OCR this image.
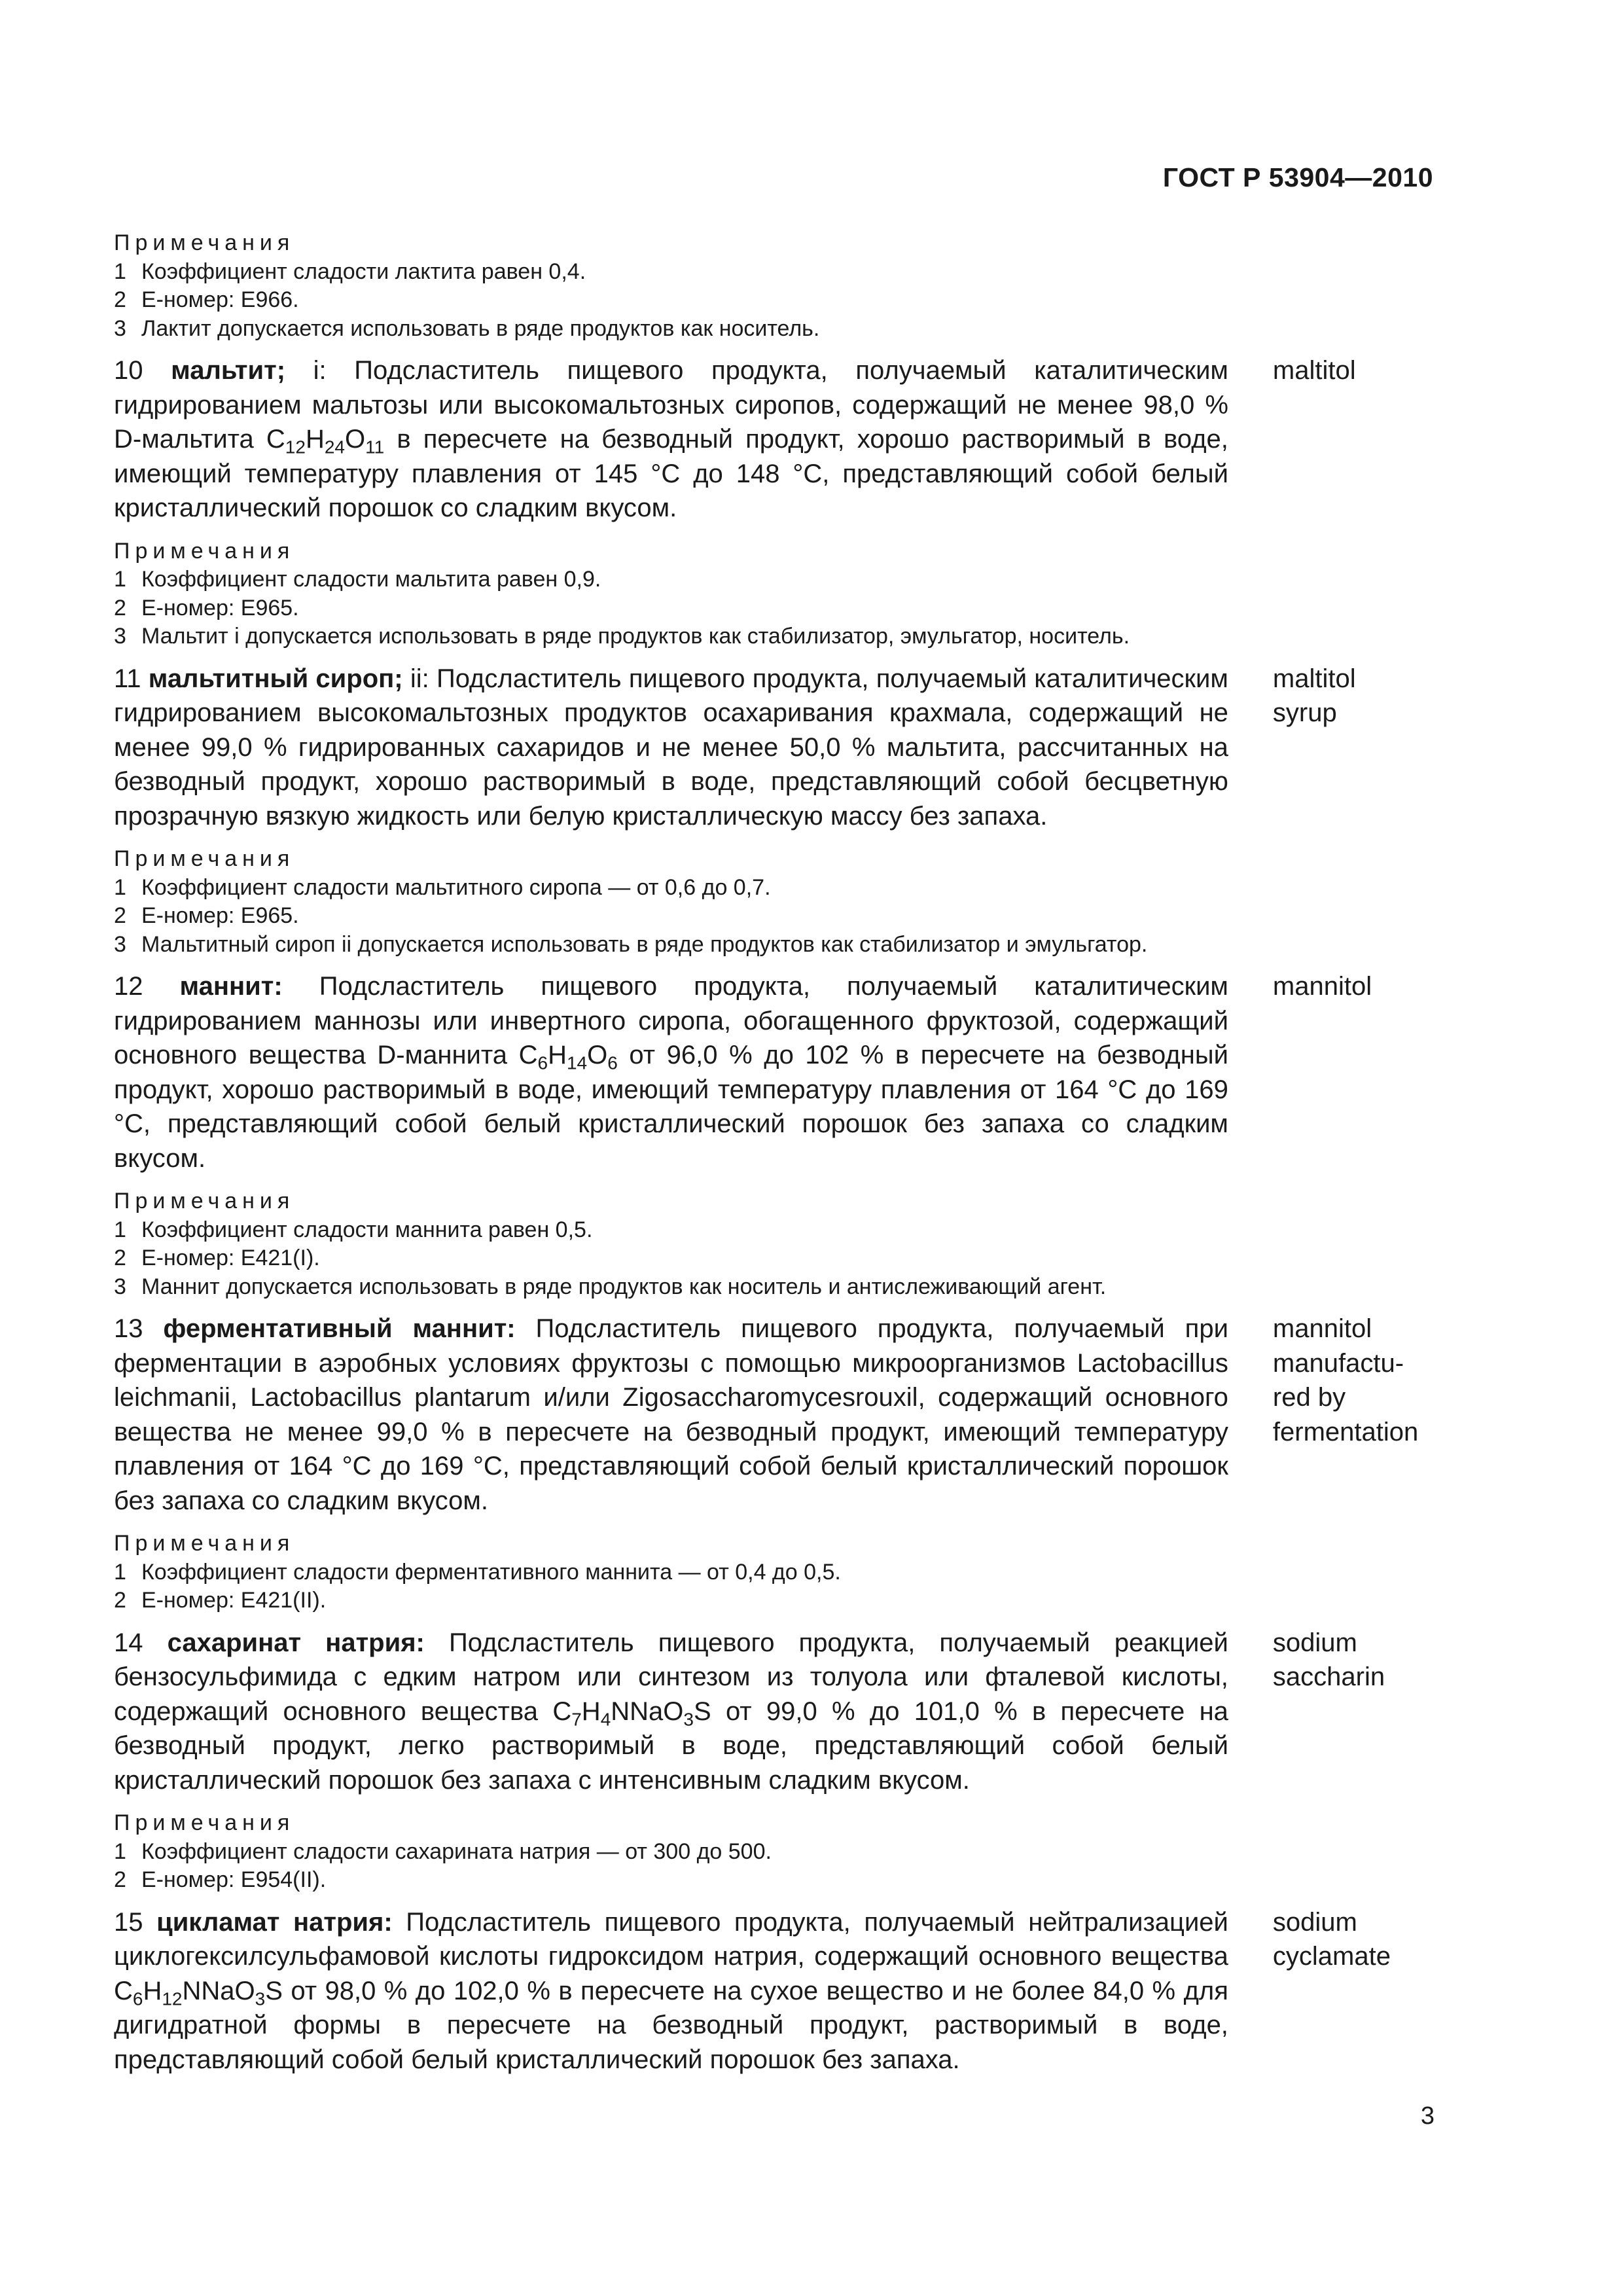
ГОСТ Р 53904—2010
Примечания
1 Коэффициент сладости лактита равен 0,4.
2 Е-номер: Е966.
3 Лактит допускается использовать в ряде продуктов как носитель.
10 мальтит; i: Подсластитель пищевого продукта, получаемый каталитическим гидрированием мальтозы или высокомальтозных сиропов, содержащий не менее 98,0 % D-мальтита $C_{12}H_{24}O_{11}$ в пересчете на безводный продукт, хорошо растворимый в воде, имеющий температуру плавления от 145 °С до 148 °С, представляющий собой белый кристаллический порошок со сладким вкусом.
maltitol
Примечания
1 Коэффициент сладости мальтита равен 0,9.
2 Е-номер: Е965.
3 Мальтит i допускается использовать в ряде продуктов как стабилизатор, эмульгатор, носитель.
11 мальтитный сироп; ii: Подсластитель пищевого продукта, получаемый каталитическим гидрированием высокомальтозных продуктов осахаривания крахмала, содержащий не менее 99,0 % гидрированных сахаридов и не менее 50,0 % мальтита, рассчитанных на безводный продукт, хорошо растворимый в воде, представляющий собой бесцветную прозрачную вязкую жидкость или белую кристаллическую массу без запаха.
maltitol
syrup
Примечания
1 Коэффициент сладости мальтитного сиропа — от 0,6 до 0,7.
2 Е-номер: Е965.
3 Мальтитный сироп ii допускается использовать в ряде продуктов как стабилизатор и эмульгатор.
12 маннит: Подсластитель пищевого продукта, получаемый каталитическим гидрированием маннозы или инвертного сиропа, обогащенного фруктозой, содержащий основного вещества D-маннита $C_6H_{14}O_6$ от 96,0 % до 102 % в пересчете на безводный продукт, хорошо растворимый в воде, имеющий температуру плавления от 164 °С до 169 °С, представляющий собой белый кристаллический порошок без запаха со сладким вкусом.
mannitol
Примечания
1 Коэффициент сладости маннита равен 0,5.
2 Е-номер: Е421(I).
3 Маннит допускается использовать в ряде продуктов как носитель и антислеживающий агент.
13 ферментативный маннит: Подсластитель пищевого продукта, получаемый при ферментации в аэробных условиях фруктозы с помощью микроорганизмов Lactobacillus leichmanii, Lactobacillus plantarum и/или Zigosaccharomycesrouxil, содержащий основного вещества не менее 99,0 % в пересчете на безводный продукт, имеющий температуру плавления от 164 °С до 169 °С, представляющий собой белый кристаллический порошок без запаха со сладким вкусом.
mannitol
manufactu-
red by
fermentation
Примечания
1 Коэффициент сладости ферментативного маннита — от 0,4 до 0,5.
2 Е-номер: Е421(II).
14 сахаринат натрия: Подсластитель пищевого продукта, получаемый реакцией бензосульфимида с едким натром или синтезом из толуола или фталевой кислоты, содержащий основного вещества $C_7H_4NNaO_3S$ от 99,0 % до 101,0 % в пересчете на безводный продукт, легко растворимый в воде, представляющий собой белый кристаллический порошок без запаха с интенсивным сладким вкусом.
sodium
saccharin
Примечания
1 Коэффициент сладости сахарината натрия — от 300 до 500.
2 Е-номер: Е954(II).
15 цикламат натрия: Подсластитель пищевого продукта, получаемый нейтрализацией циклогексилсульфамовой кислоты гидроксидом натрия, содержащий основного вещества $C_6H_{12}NNaO_3S$ от 98,0 % до 102,0 % в пересчете на сухое вещество и не более 84,0 % для дигидратной формы в пересчете на безводный продукт, растворимый в воде, представляющий собой белый кристаллический порошок без запаха.
sodium
cyclamate
3
